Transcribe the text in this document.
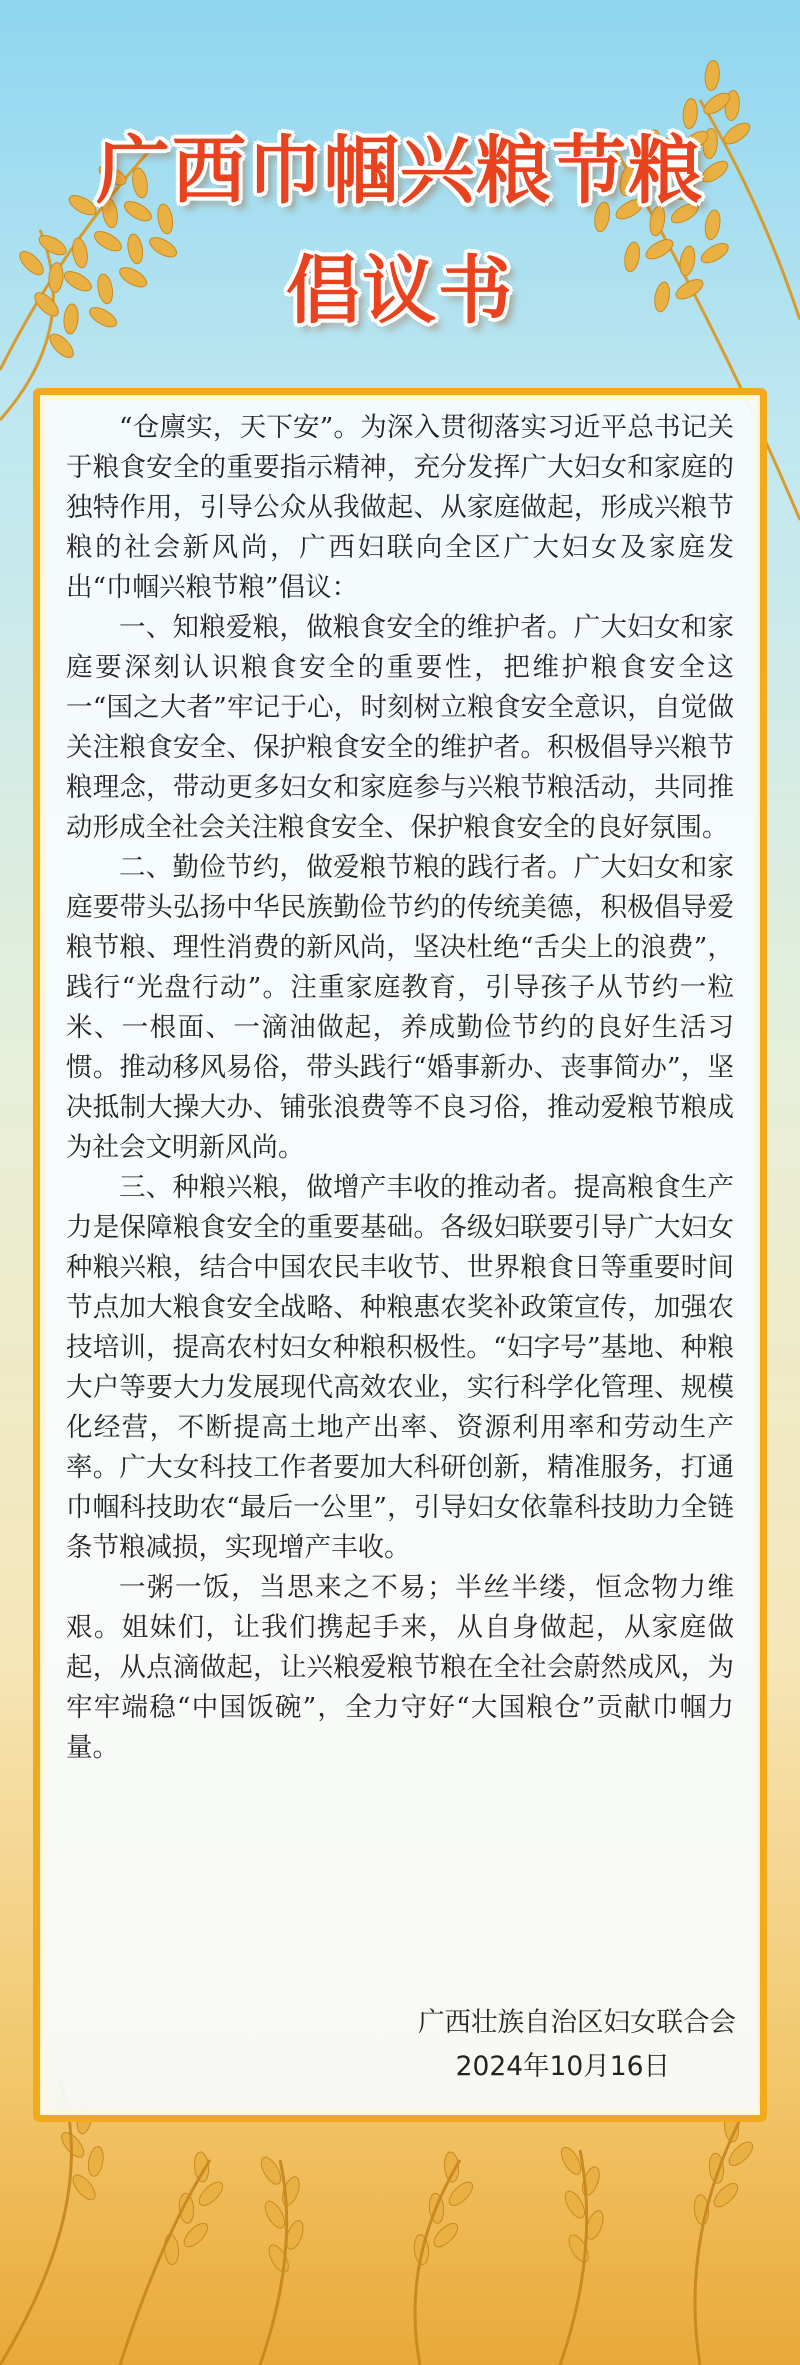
广西巾帼兴粮节粮
倡议书

“仓廪实，天下安”。为深入贯彻落实习近平总书记关于粮食安全的重要指示精神，充分发挥广大妇女和家庭的独特作用，引导公众从我做起、从家庭做起，形成兴粮节粮的社会新风尚，广西妇联向全区广大妇女及家庭发出“巾帼兴粮节粮”倡议：

一、知粮爱粮，做粮食安全的维护者。广大妇女和家庭要深刻认识粮食安全的重要性，把维护粮食安全这一“国之大者”牢记于心，时刻树立粮食安全意识，自觉做关注粮食安全、保护粮食安全的维护者。积极倡导兴粮节粮理念，带动更多妇女和家庭参与兴粮节粮活动，共同推动形成全社会关注粮食安全、保护粮食安全的良好氛围。

二、勤俭节约，做爱粮节粮的践行者。广大妇女和家庭要带头弘扬中华民族勤俭节约的传统美德，积极倡导爱粮节粮、理性消费的新风尚，坚决杜绝“舌尖上的浪费”，践行“光盘行动”。注重家庭教育，引导孩子从节约一粒米、一根面、一滴油做起，养成勤俭节约的良好生活习惯。推动移风易俗，带头践行“婚事新办、丧事简办”，坚决抵制大操大办、铺张浪费等不良习俗，推动爱粮节粮成为社会文明新风尚。

三、种粮兴粮，做增产丰收的推动者。提高粮食生产力是保障粮食安全的重要基础。各级妇联要引导广大妇女种粮兴粮，结合中国农民丰收节、世界粮食日等重要时间节点加大粮食安全战略、种粮惠农奖补政策宣传，加强农技培训，提高农村妇女种粮积极性。“妇字号”基地、种粮大户等要大力发展现代高效农业，实行科学化管理、规模化经营，不断提高土地产出率、资源利用率和劳动生产率。广大女科技工作者要加大科研创新，精准服务，打通巾帼科技助农“最后一公里”，引导妇女依靠科技助力全链条节粮减损，实现增产丰收。

一粥一饭，当思来之不易；半丝半缕，恒念物力维艰。姐妹们，让我们携起手来，从自身做起，从家庭做起，从点滴做起，让兴粮爱粮节粮在全社会蔚然成风，为牢牢端稳“中国饭碗”，全力守好“大国粮仓”贡献巾帼力量。

广西壮族自治区妇女联合会
2024年10月16日
